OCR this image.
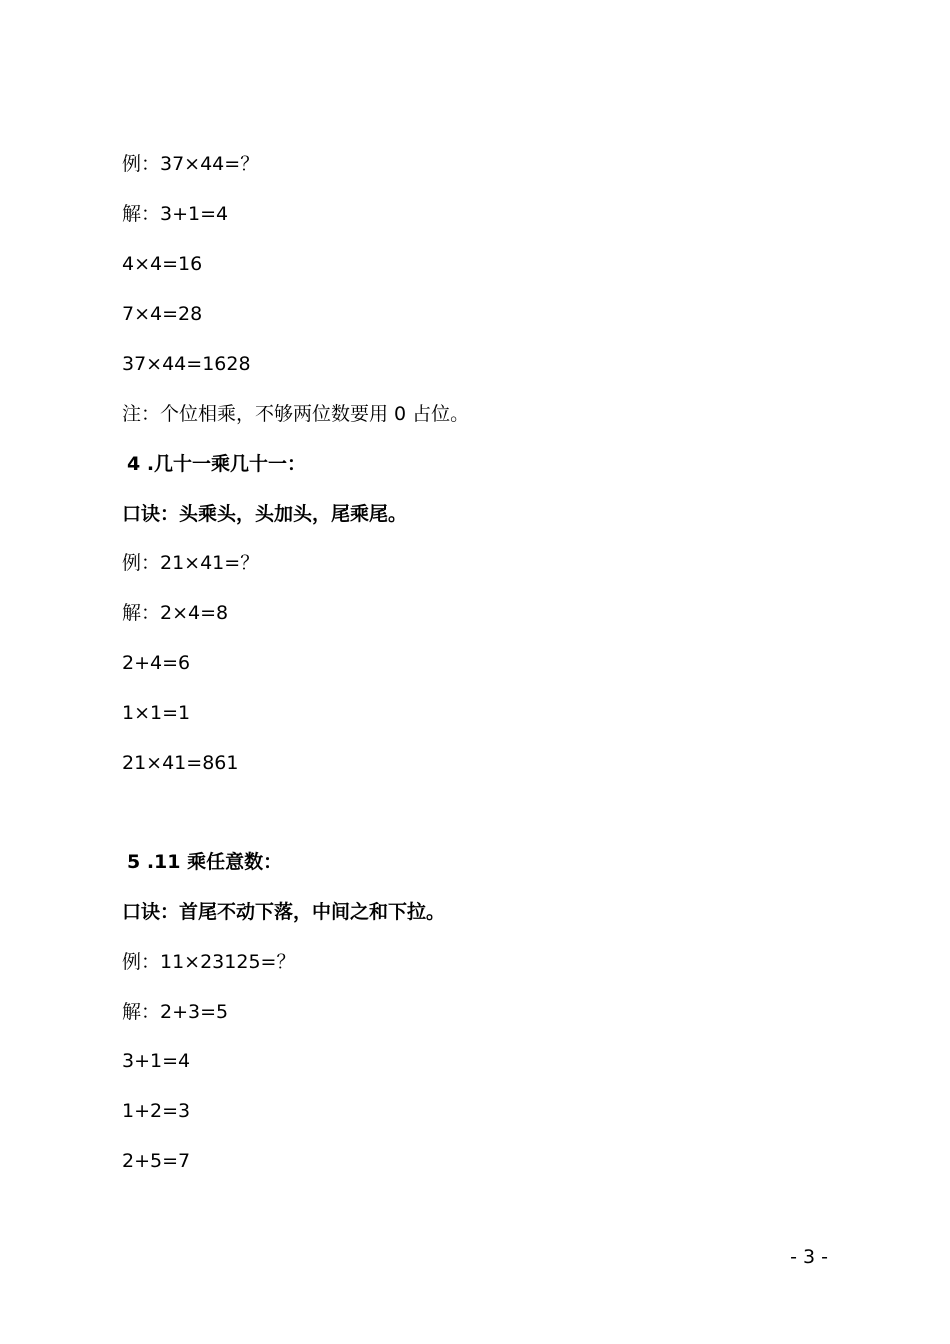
例：37×44=？
解：3+1=4
4×4=16
7×4=28
37×44=1628
注：个位相乘，不够两位数要用 0 占位。
4 .几十一乘几十一：
口诀：头乘头，头加头，尾乘尾。
例：21×41=？
解：2×4=8
2+4=6
1×1=1
21×41=861
5 .11 乘任意数：
口诀：首尾不动下落，中间之和下拉。
例：11×23125=？
解：2+3=5
3+1=4
1+2=3
2+5=7
- 3 -
